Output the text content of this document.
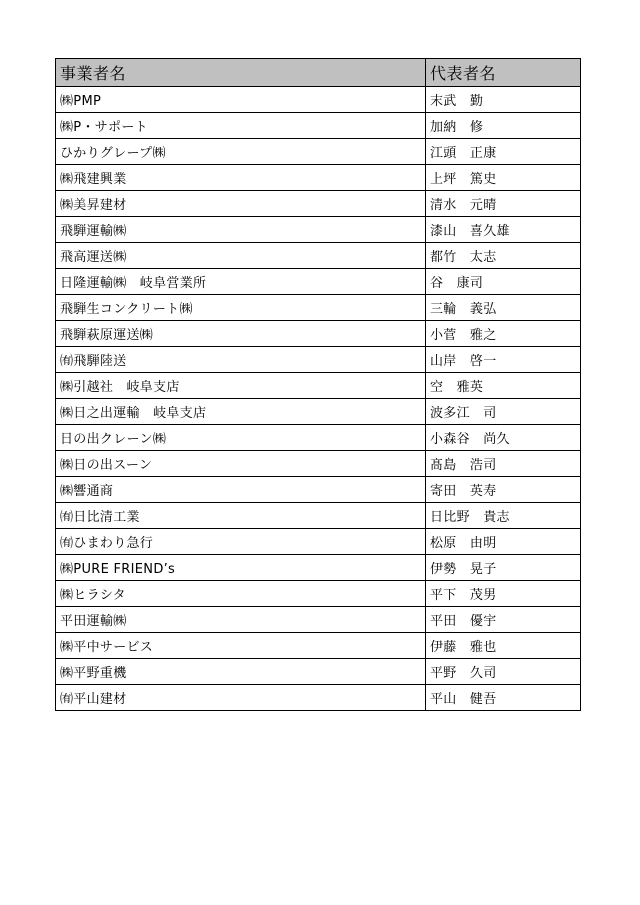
事業者名	代表者名
㈱PMP	末武　勤
㈱P・サポート	加納　修
ひかりグレープ㈱	江頭　正康
㈱飛建興業	上坪　篤史
㈱美昇建材	清水　元晴
飛騨運輸㈱	漆山　喜久雄
飛高運送㈱	都竹　太志
日隆運輸㈱　岐阜営業所	谷　康司
飛騨生コンクリート㈱	三輪　義弘
飛騨萩原運送㈱	小菅　雅之
㈲飛騨陸送	山岸　啓一
㈱引越社　岐阜支店	空　雅英
㈱日之出運輸　岐阜支店	波多江　司
日の出クレーン㈱	小森谷　尚久
㈱日の出スーン	髙島　浩司
㈱響通商	寄田　英寿
㈲日比清工業	日比野　貴志
㈲ひまわり急行	松原　由明
㈱PURE FRIEND’s	伊勢　晃子
㈱ヒラシタ	平下　茂男
平田運輸㈱	平田　優宇
㈱平中サービス	伊藤　雅也
㈱平野重機	平野　久司
㈲平山建材	平山　健吾
